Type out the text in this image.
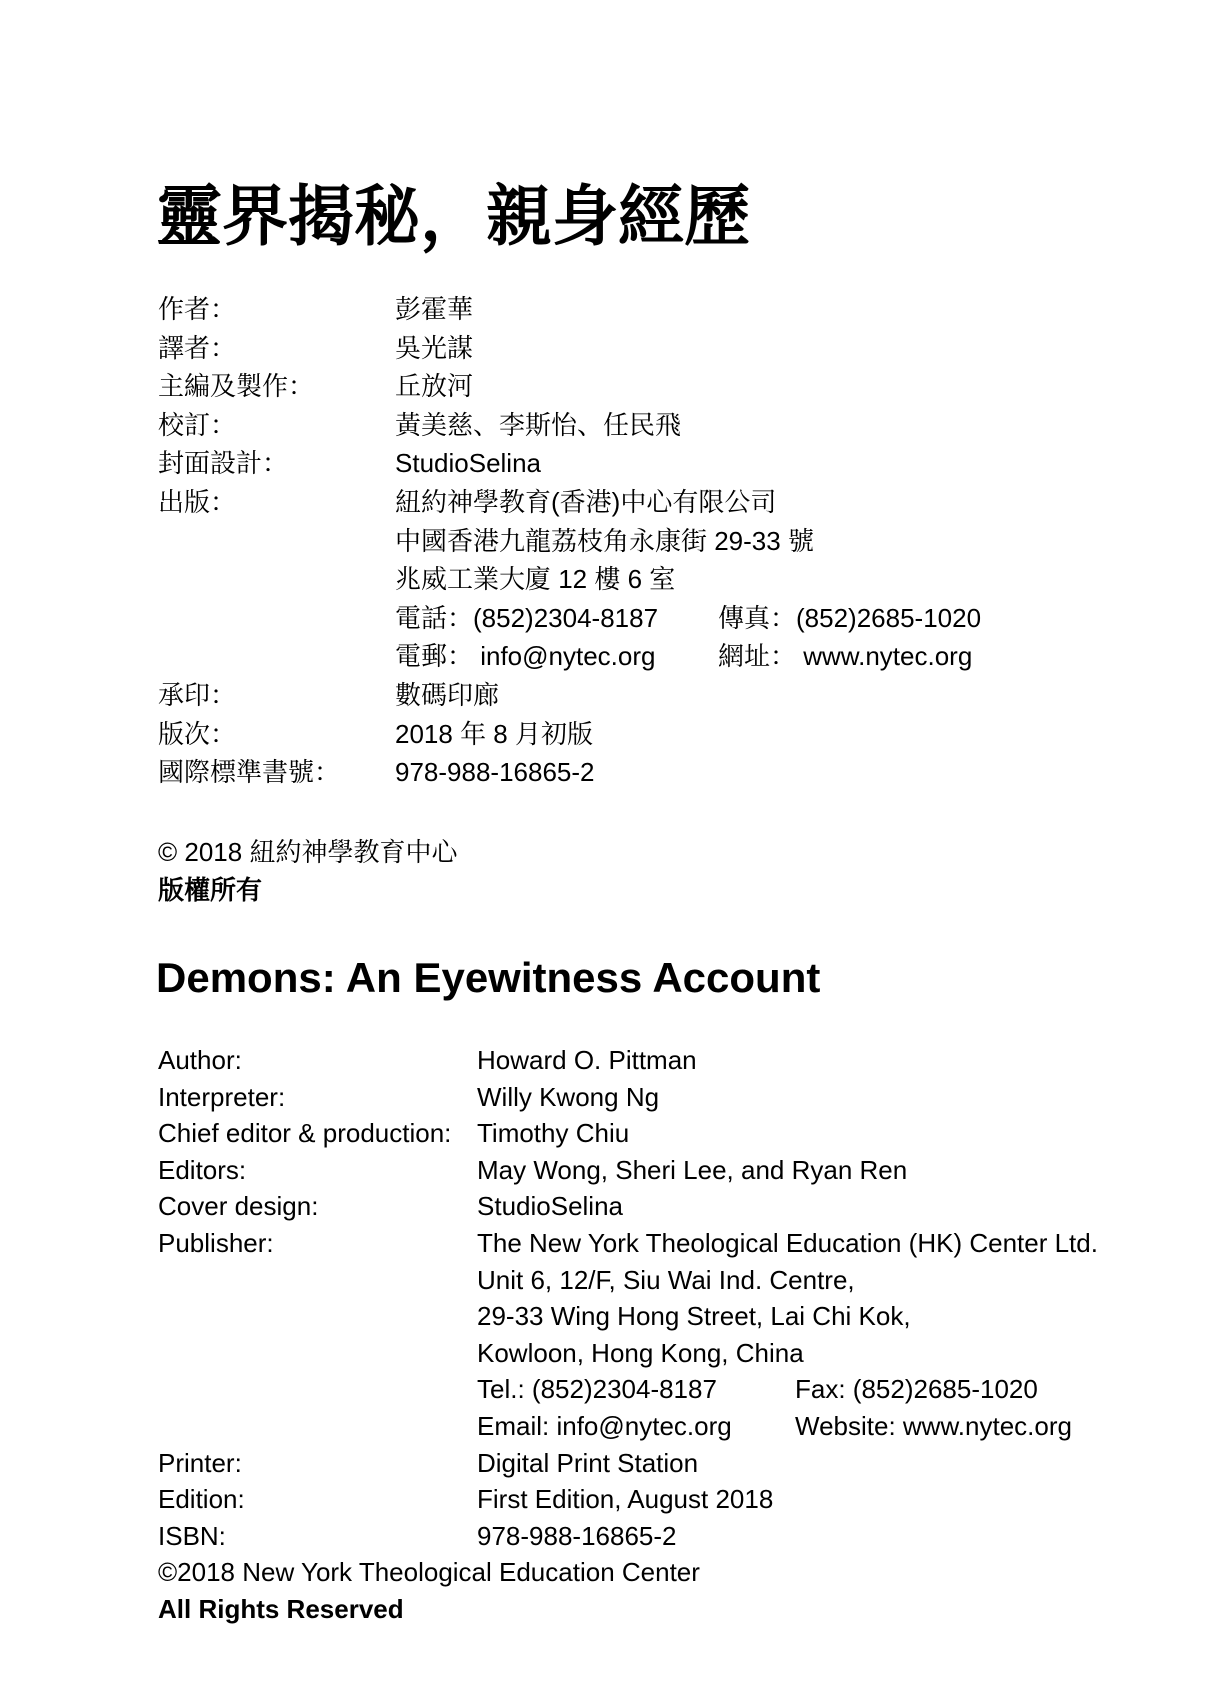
靈界揭秘，親身經歷
作者：	彭霍華
譯者：	吳光謀
主編及製作：	丘放河
校訂：	黃美慈、李斯怡、任民飛
封面設計：	StudioSelina
出版：	紐約神學教育(香港)中心有限公司
中國香港九龍荔枝角永康街 29-33 號
兆威工業大廈 12 樓 6 室
電話：(852)2304-8187	傳真：(852)2685-1020
電郵： info@nytec.org	網址： www.nytec.org
承印：	數碼印廊
版次：	2018 年 8 月初版
國際標準書號：	978-988-16865-2
© 2018 紐約神學教育中心
版權所有
Demons: An Eyewitness Account
Author:	Howard O. Pittman
Interpreter:	Willy Kwong Ng
Chief editor & production: Timothy Chiu
Editors:	May Wong, Sheri Lee, and Ryan Ren
Cover design:	StudioSelina
Publisher:	The New York Theological Education (HK) Center Ltd.
Unit 6, 12/F, Siu Wai Ind. Centre,
29-33 Wing Hong Street, Lai Chi Kok,
Kowloon, Hong Kong, China
Tel.: (852)2304-8187	Fax: (852)2685-1020
Email: info@nytec.org	Website: www.nytec.org
Printer:	Digital Print Station
Edition:	First Edition, August 2018
ISBN:	978-988-16865-2
©2018 New York Theological Education Center
All Rights Reserved
